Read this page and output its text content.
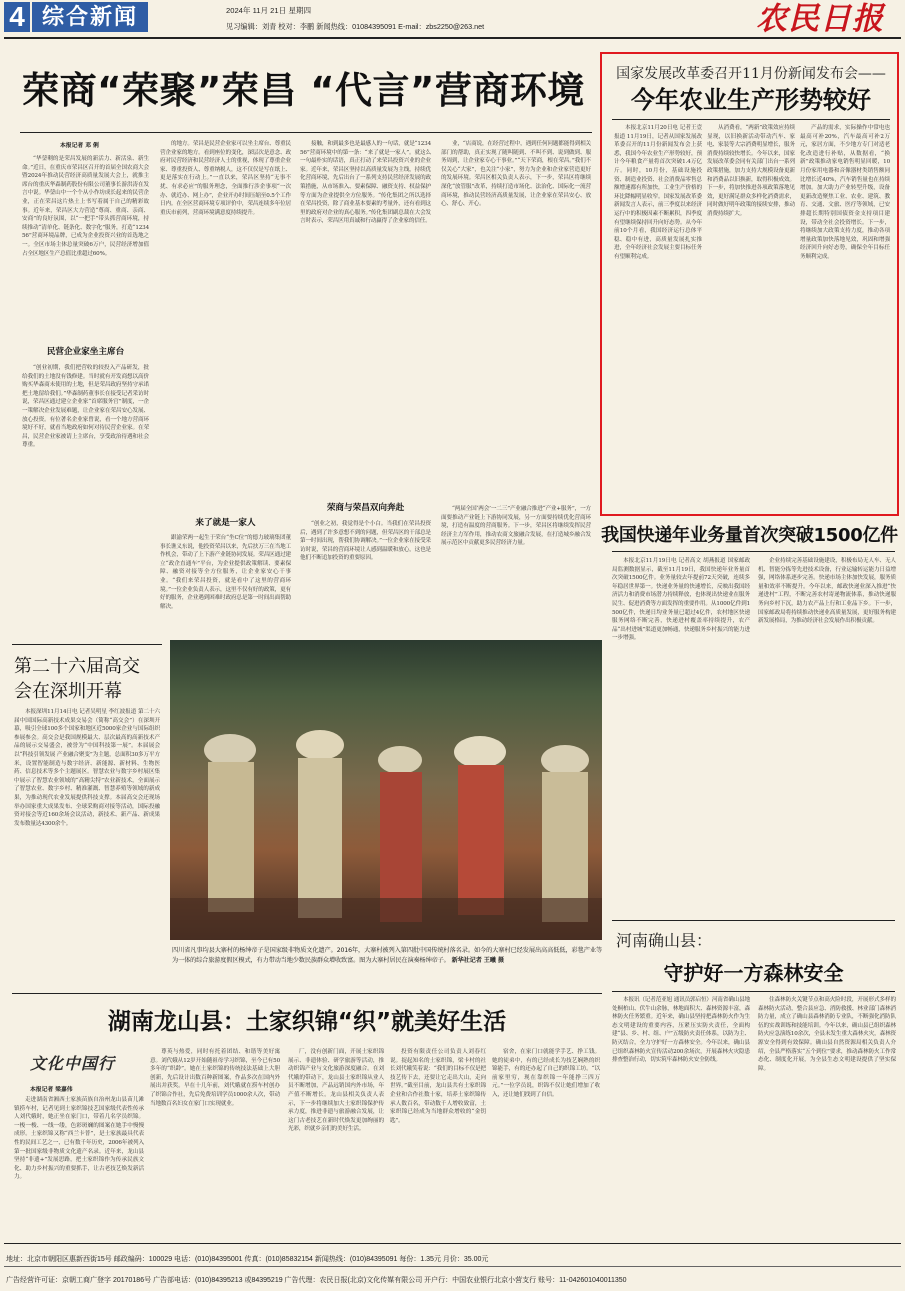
4 综合新闻	2024年 11月 21日 星期四
见习编辑：刘青 校对：李鹏 新闻热线：01084395091 E-mail：zbs2250@263.net	农民日报
荣商“荣聚”荣昌 “代言”营商环境
本报记者 邓 俐

“华蓥剩的是荣昌发展的新活力、新活泉、新生命。”近日，在重庆市荣昌区召开的首届全国农商大会暨2024年推动民营经济高质量发展大会上，就推主席台的重庆华森制药股份有限公司董事长游洪涛在发言中说。华蓥山中一个个从小作坊成长起来的民营企业，正在荣昌这片热土上书写着属于自己的精彩故事。近年来，荣昌区大力营造“尊商、重商、亲商、安商”的良好氛围，以“一把手”带头抓营商环境，持续推动“清单化、链条化、数字化”服务，打造“123456”营商环境品牌，已成为企业投资兴业的首选地之一。全区市场主体总量突破6万户，民营经济增加值占全区地区生产总值比重超过60%。

民营企业家坐主席台

“创业初期，我们把营收的较投入产品研发，批给我们的土地没有钱修建。当时就有开发商想以高价购买华森商未使用的土地，但是荣昌政府坚持守承诺把土地留给我们。”华森制药董事长在接受记者采访时说，荣昌区通过建立企业家“首席服务官”制度，一企一策解决企业发展难题，让企业家在荣昌安心发展、放心投资。有位著名企业家曾说，看一个地方营商环境好不好，就看当地政府如何对待民营企业家。在荣昌，民营企业家被请上主席台，享受政治待遇和社会尊重。

的地方。荣昌是民营企业家可以坐主席台、尊重民营企业家的地方。看到座位的变化，深层次是意念、政府对民营经济和民营经济人士的重视，体现了尊重企业家、尊重投资人、尊重纳税人，这不仅仅是写在纸上、更是落实在行动上。”一直以来，荣昌区坚持“无事不扰、有求必应”的服务理念，全面推行涉企事项“一次办、就近办、网上办”，企业开办时间压缩至0.5个工作日内。在全区营商环境专项评价中，荣昌连续多年位居重庆市前列，营商环境满意度持续提升。

来了就是一家人

跟渝荣两一起生于荣台“坐C位”的德力玻璃集团董事长谯义东说，他投资荣昌以来，先后扶万三在当地工作机会，带动了上下游产业链协同发展。荣昌区通过建立“政企直通车”平台，为企业提供政策解读、要素保障、融资对接等全方位服务，让企业家安心干事业。“我们来荣昌投资，就是看中了这里的营商环境。”一位企业负责人表示，这里不仅有好的政策，更有好的服务，企业遇到困难时政府总是第一时间出面帮助解决。

接触，和到最多也是最感人的一句话，就是“123456”营商环境中的第一条：“来了就是一家人”。就这么一句最朴实的话语，真正打动了来荣昌投资兴业的企业家。近年来，荣昌区坚持以高质量发展为主线，持续优化营商环境，先后出台了一系列支持民营经济发展的政策措施，从市场准入、要素保障、融资支持、权益保护等方面为企业提供全方位服务。“传化集团之所以选择在荣昌投资，除了商业基本要素的考量外，还有看到这里的政府对企业的真心服务。”传化集团副总裁在大会发言时表示，荣昌区用真诚和行动赢得了企业家的信任。

荣商与荣昌双向奔赴

“创业之初，我觉得是个小白。当我们在荣昌投资后，遇到了许多意想不到的问题，但荣昌区的干部总是第一时间出现，帮我们协调解决。”一位企业家在接受采访时说，荣昌的营商环境让人感到温暖和放心，这也是他们不断追加投资的重要原因。

业，“店商说，在经营过程中，遇到任何问题都能得到相关部门的帮助，真正实现了随叫随到、不叫不到、说到做到、服务周到，让企业家专心干事业。”“天下荣商，根在荣昌。”我们不仅关心“大家”，也关注“小家”，努力为企业和企业家营造更好的发展环境。荣昌区相关负责人表示，下一步，荣昌区将继续深化“放管服”改革，持续打造市场化、法治化、国际化一流营商环境，推动民营经济高质量发展，让企业家在荣昌安心、放心、舒心、开心。

“两届全国‘两会’一二三”产业融合推进“产业+服务”，一方面要推动产业链上下游协同发展，另一方面要持续优化营商环境，打造有温度的营商服务。下一步，荣昌区将继续发挥民营经济主力军作用，推动农商文旅融合发展，在打造城乡融合发展示范区中贡献更多民营经济力量。

国家发展改革委召开11月份新闻发布会——
今年农业生产形势较好

本报北京11月20日电 记者王壹报道 11月19日，记者从国家发展改革委召开的11月份新闻发布会上获悉，我国今年农业生产形势较好，预计今年粮食产量将首次突破1.4万亿斤。同时，10月份，基础设施投资、制造业投资、社会消费品零售总额增速都有所加快，工业生产价格的环比降幅明显收窄。国家发展改革委新闻发言人表示，前三季度以来经济运行中的积极因素不断累积，四季度有望继续保持回升向好态势。从今年前10个月看，我国经济运行总体平稳、稳中有进，高质量发展扎实推进，全年经济社会发展主要目标任务有望顺利完成。

从消费看，“两新”政策效应持续显现，以旧换新活动带动汽车、家电、家装等大宗消费明显增长，服务消费持续较快增长。今年以来，国家发展改革委会同有关部门出台一系列政策措施，加力支持大规模设备更新和消费品以旧换新，取得积极成效。下一步，将加快推进各项政策落地见效，更好满足群众多样化消费需求，同时做好明年政策的接续安排，推动消费持续扩大。

产品的需求，实际操作中常电也最高可补20%，汽车最高可补2万元，家居方面，不少地方专门对适老化改造进行补贴，从数据看，“换新”政策推动家电销售明显回暖，10月份家用电器和音像器材类销售额同比增长近40%，汽车销售量也在持续增加。加大助力产业转型升级，设备更新改造聚焦工业、农业、建筑、教育、交通、文旅、医疗等领域，已安排超长期特别国债资金支持项目建设，带动全社会投资增长。下一步，将继续加大政策支持力度，推动各项增量政策加快落地见效，巩固和增强经济回升向好态势，确保全年目标任务顺利完成。

我国快递年业务量首次突破1500亿件

本报北京11月19日电 记者高文 胡燕报道 国家邮政局监测数据显示，截至11月19日，我国快递年业务量首次突破1500亿件。业务量较去年提前72天突破，连续多年稳居世界第一。快递业务量的快速增长，反映出我国经济活力和消费市场潜力持续释放，也体现出快递业在服务民生、促进消费等方面发挥的重要作用。从1000亿件到1500亿件，快递日均业务量已超过4亿件，农村地区快递服务网络不断完善，快递进村覆盖率持续提升，农产品“出村进城”渠道更加畅通，快递服务乡村振兴的能力进一步增强。

企业持续完善基础设施建设，积极布局无人车、无人机、智能分拣等先进技术设备，行业运输转运能力日益增强，网络体系逐步完善。快递市场主体加快发展，服务质量和效率不断提升。今年以来，邮政快递业深入推进“快递进村”工程，不断完善农村寄递物流体系，推动快递服务向乡村下沉，助力农产品上行和工业品下乡。下一步，国家邮政局将持续推动快递业高质量发展，更好服务构建新发展格局，为推动经济社会发展作出积极贡献。

河南确山县：
守护好一方森林安全

本报讯（记者范亚旭 通讯员郭启恒）河南省确山县地处桐柏山、伏牛山余脉，林地面积大、森林资源丰富，森林防火任务繁重。近年来，确山县坚持把森林防火作为生态文明建设的重要内容，压紧压实防火责任，全面构建“县、乡、村、组、户”五级防火责任体系，以防为主、防灭结合，全力守护好一方森林安全。今年以来，确山县已组织森林防火宣传活动200余场次，开展森林火灾隐患排查整治行动，切实筑牢森林防火安全防线。

住森林防火关键节点和高火险时段，开展形式多样的森林防火活动，整合县应急、消防救援、林业部门森林消防力量，成立了确山县森林消防专业队，不断强化消防队伍的实战训练和技能培训。今年以来，确山县已组织森林防火应急演练10余次，全县未发生重大森林火灾，森林资源安全得到有效保障。确山县自然资源局相关负责人介绍，全县严格落实“五个到位”要求，推动森林防火工作常态化、制度化开展，为全县生态文明建设提供了坚实保障。

第二十六届高交会在深圳开幕

本报深圳11月14日电 记者吴明星 李红波报道 第二十六届中国国际高新技术成果交易会（简称“高交会”）在深圳开幕，吸引全球100多个国家和地区近5000家企业与国际组织参展参会。高交会是我国规模最大、层次最高的高新技术产品的展示交易盛会，被誉为“中国科技第一展”。本届展会以“科技引领发展 产业融合聚变”为主题，总面积30多万平方米，设置智能制造与数字经济、新能源、新材料、生物医药、信息技术等多个主题展区。智慧农业与数字乡村展区集中展示了智慧农业领域的“高精尖特”农业新技术，全面展示了智慧农业、数字乡村、精准灌溉、智慧养殖等领域的新成果，为推动现代农业发展提供科技支撑。本届高交会还现场举办国家重大成果发布、全球采购商对接等活动，国际投融资对接会等近160余场会议活动，新技术、新产品、新成果发布数量达4300余个。

四川省凡事均县大寨村的杨绅帝子是国家级非物质文化遗产。2016年，大寨村被列入第四批中国传统村落名录。如今的大寨村已经发展出高高低低，彩毯产业等为一体的综合旅游度假区模式，有力带动当地少数民族群众增收致富。图为大寨村居民在演奏杨绅帝子。 新华社记者 王曦 摄
湖南龙山县：土家织锦“织”就美好生活
文化中国行
本报记者 梁嘉伟

走进湖南省湘西土家族苗族自治州龙山县苗儿滩镇捞车村，记者见到土家织锦技艺国家级代表性传承人刘代娥时，她正坐在家门口，带着几名学员织锦。一梭一梭、一线一缕，色彩斑斓的图案在她手中慢慢成形。土家织锦又称“西兰卡普”，是土家族最具代表性的民间工艺之一，已有数千年历史，2006年被列入第一批国家级非物质文化遗产名录。近年来，龙山县坚持“非遗+”发展思路，把土家织锦作为传承民族文化、助力乡村振兴的重要抓手，让古老技艺焕发新活力。

尊英与热爱，同时有托着团结、和谐等美好寓意。刘代娥从12岁开始随祖母学习织锦，至今已有50多年的“织龄”。她在土家织锦的传统技法基础上大胆创新，先后设计出数百种新图案，作品多次在国内外展出并获奖。早在十几年前，刘代娥就在捞车村创办了织锦合作社，先后免费培训学员1000余人次，带动当地数百名妇女在家门口实现就业。

厂，没有创新门面，开展土家织锦展示、非遗体验、研学旅游等活动，推动织锦产业与文化旅游深度融合。在刘代娥的带动下，龙山县土家织锦从业人员不断增加，产品远销国内外市场，年产值不断增长。龙山县相关负责人表示，下一步将继续加大土家织锦保护传承力度，推进非遗与旅游融合发展，让这门古老技艺在新时代焕发更加绚丽的光彩，织就乡亲们的美好生活。

投资有限责任公司负责人刘春红说。捉起知名的土家织锦，梁卡村的社长刘代娥笑着说：“我们的目标不仅是把技艺传下去，还要让它走出大山，走向世界。”截至目前，龙山县共有土家织锦企业和合作社数十家，培养土家织锦传承人数百名，带动数千人增收致富，土家织锦已经成为当地群众增收的“金钥匙”。

宿舍，在家门口就能学手艺、挣工钱。她的徒弟中，有的已经成长为技艺娴熟的织锦能手，有的还办起了自己的织锦工坊。“以前家里穷，现在靠织锦一年能挣三四万元。”一位学员说，织锦不仅让她们增加了收入，还让她们找到了自信。

地址：北京市朝阳区惠新西街15号 邮政编码：100029 电话：(010)84395001 传真：(010)85832154 新闻热线：(010)84395091 每份：1.35元 月价：35.00元
广告经营许可证：京朝工商广登字 20170186号 广告部电话：(010)84395213 或84395219 广告代理：农民日报(北京)文化传媒有限公司 开户行：中国农业银行北京小营支行 账号：11-042601040011350
